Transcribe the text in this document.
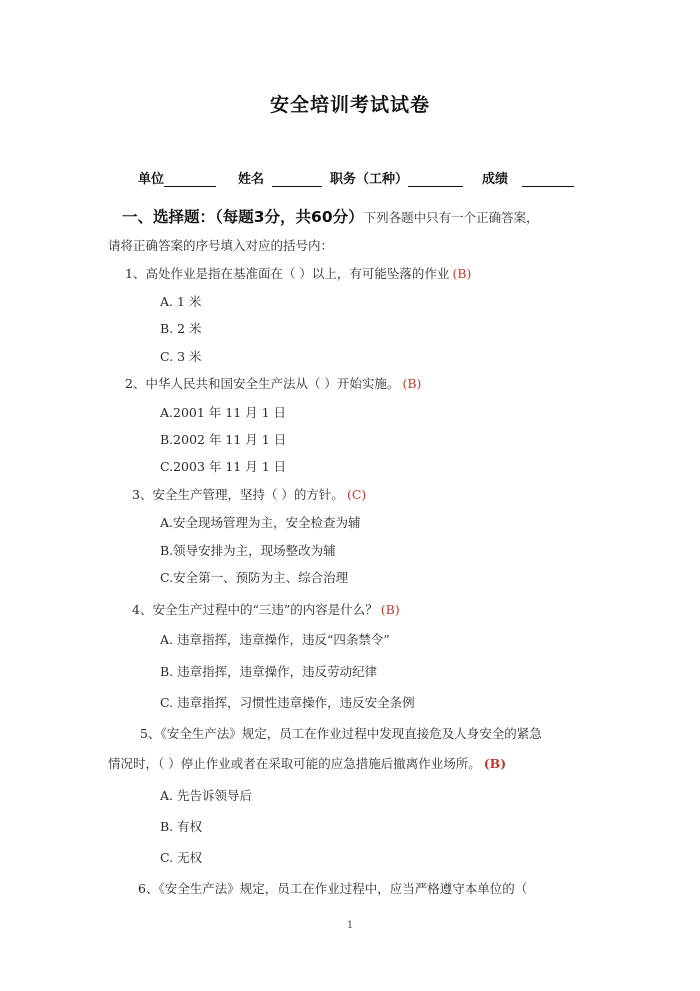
安全培训考试试卷
单位	姓名	职务（工种）	成绩
一、选择题：（每题3分，共60分）下列各题中只有一个正确答案，
请将正确答案的序号填入对应的括号内：
1、高处作业是指在基准面在（ ）以上，有可能坠落的作业 (B)
A. 1 米
B. 2 米
C. 3 米
2、中华人民共和国安全生产法从（ ）开始实施。 (B)
A.2001 年 11 月 1 日
B.2002 年 11 月 1 日
C.2003 年 11 月 1 日
3、安全生产管理，坚持（ ）的方针。 (C)
A.安全现场管理为主，安全检查为辅
B.领导安排为主，现场整改为辅
C.安全第一、预防为主、综合治理
4、安全生产过程中的“三违”的内容是什么？ (B)
A. 违章指挥，违章操作，违反“四条禁令”
B. 违章指挥，违章操作，违反劳动纪律
C. 违章指挥，习惯性违章操作，违反安全条例
5、《安全生产法》规定，员工在作业过程中发现直接危及人身安全的紧急
情况时，（ ）停止作业或者在采取可能的应急措施后撤离作业场所。 (B)
A. 先告诉领导后
B. 有权
C. 无权
6、《安全生产法》规定，员工在作业过程中，应当严格遵守本单位的（
1
